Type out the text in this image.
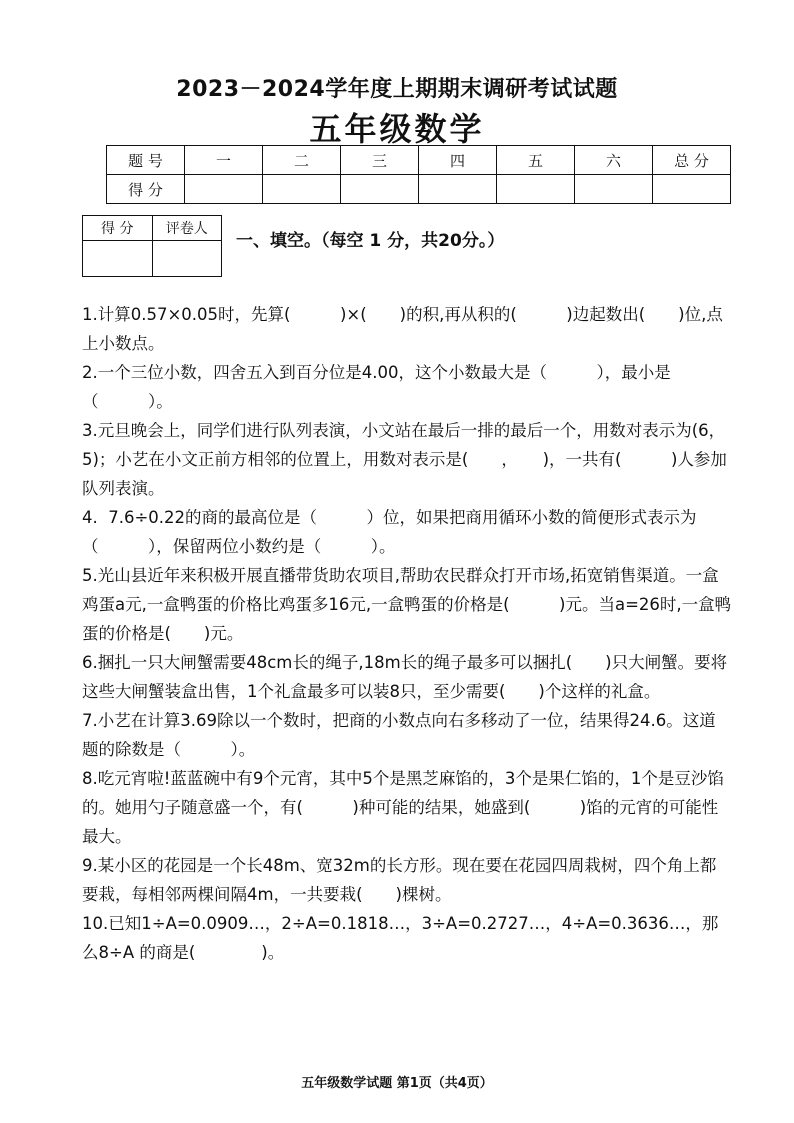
2023－2024学年度上期期末调研考试试题
五年级数学
题 号	一	二	三	四	五	六	总 分
得 分							
得 分	评卷人

一、填空。（每空 1 分，共20分。）

1.计算0.57×0.05时，先算(　　　)×(　　)的积,再从积的(　　　)边起数出(　　)位,点上小数点。

2.一个三位小数，四舍五入到百分位是4.00，这个小数最大是（　　　），最小是（　　　）。

3.元旦晚会上，同学们进行队列表演，小文站在最后一排的最后一个，用数对表示为(6，5)；小艺在小文正前方相邻的位置上，用数对表示是(　　，　　)，一共有(　　　)人参加队列表演。

4.  7.6÷0.22的商的最高位是（　　　）位，如果把商用循环小数的简便形式表示为（　　　），保留两位小数约是（　　　）。

5.光山县近年来积极开展直播带货助农项目,帮助农民群众打开市场,拓宽销售渠道。一盒鸡蛋a元,一盒鸭蛋的价格比鸡蛋多16元,一盒鸭蛋的价格是(　　　)元。当a=26时,一盒鸭蛋的价格是(　　)元。

6.捆扎一只大闸蟹需要48cm长的绳子,18m长的绳子最多可以捆扎(　　)只大闸蟹。要将这些大闸蟹装盒出售，1个礼盒最多可以装8只，至少需要(　　)个这样的礼盒。

7.小艺在计算3.69除以一个数时，把商的小数点向右多移动了一位，结果得24.6。这道题的除数是（　　　）。

8.吃元宵啦!蓝蓝碗中有9个元宵，其中5个是黑芝麻馅的，3个是果仁馅的，1个是豆沙馅的。她用勺子随意盛一个，有(　　　)种可能的结果，她盛到(　　　)馅的元宵的可能性最大。

9.某小区的花园是一个长48m、宽32m的长方形。现在要在花园四周栽树，四个角上都要栽，每相邻两棵间隔4m，一共要栽(　　)棵树。

10.已知1÷A=0.0909…，2÷A=0.1818…，3÷A=0.2727…，4÷A=0.3636…，那么8÷A 的商是(　　　　)。

五年级数学试题 第1页（共4页）
